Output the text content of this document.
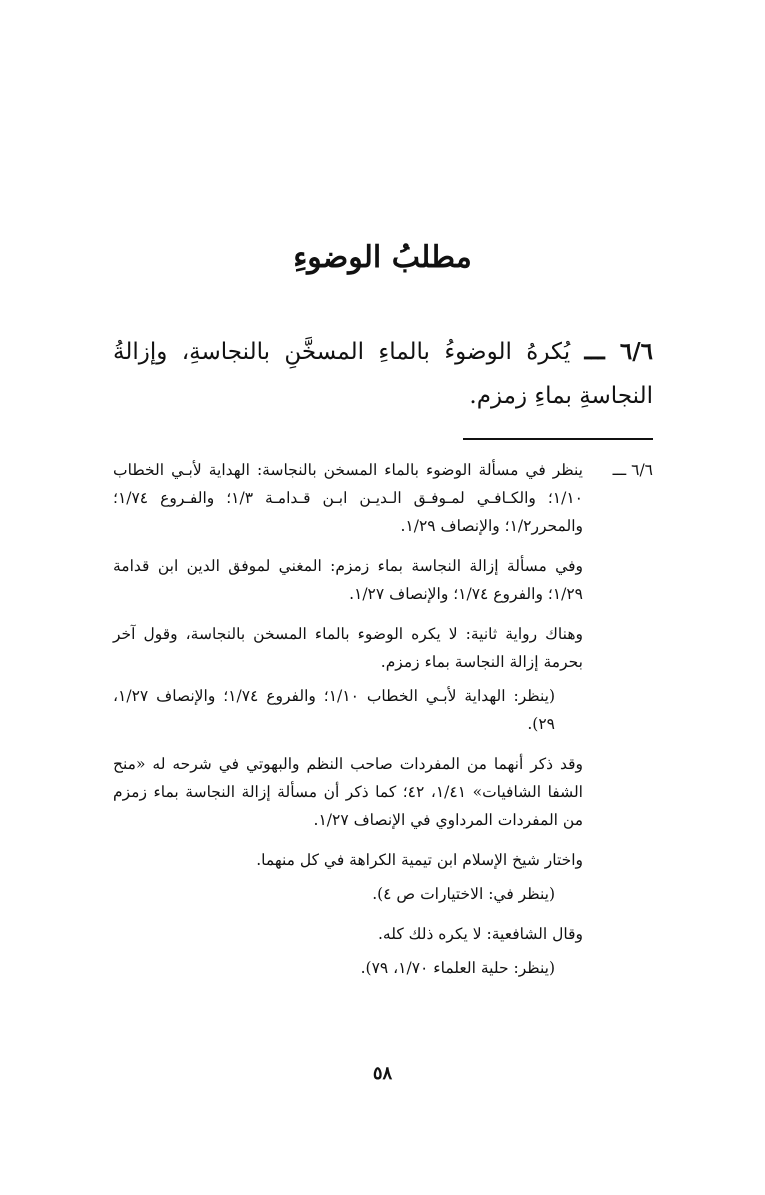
مطلبُ الوضوءِ
٦/٦ ـــ يُكرهُ الوضوءُ بالماءِ المسخَّنِ بالنجاسةِ، وإزالةُ النجاسةِ بماءِ زمزم.
٦/٦ ـــ

ينظر في مسألة الوضوء بالماء المسخن بالنجاسة: الهداية لأبـي الخطاب ١/١٠؛ والكـافـي لمـوفـق الـديـن ابـن قـدامـة ١/٣؛ والفـروع ١/٧٤؛ والمحرر١/٢؛ والإنصاف ١/٢٩.

وفي مسألة إزالة النجاسة بماء زمزم: المغني لموفق الدين ابن قدامة ١/٢٩؛ والفروع ١/٧٤؛ والإنصاف ١/٢٧.

وهناك رواية ثانية: لا يكره الوضوء بالماء المسخن بالنجاسة، وقول آخر بحرمة إزالة النجاسة بماء زمزم.

(ينظر: الهداية لأبـي الخطاب ١/١٠؛ والفروع ١/٧٤؛ والإنصاف ١/٢٧، ٢٩).

وقد ذكر أنهما من المفردات صاحب النظم والبهوتي في شرحه له «منح الشفا الشافيات» ١/٤١، ٤٢؛ كما ذكر أن مسألة إزالة النجاسة بماء زمزم من المفردات المرداوي في الإنصاف ١/٢٧.

واختار شيخ الإسلام ابن تيمية الكراهة في كل منهما.

(ينظر في: الاختيارات ص ٤).

وقال الشافعية: لا يكره ذلك كله.

(ينظر: حلية العلماء ١/٧٠، ٧٩).

٥٨
